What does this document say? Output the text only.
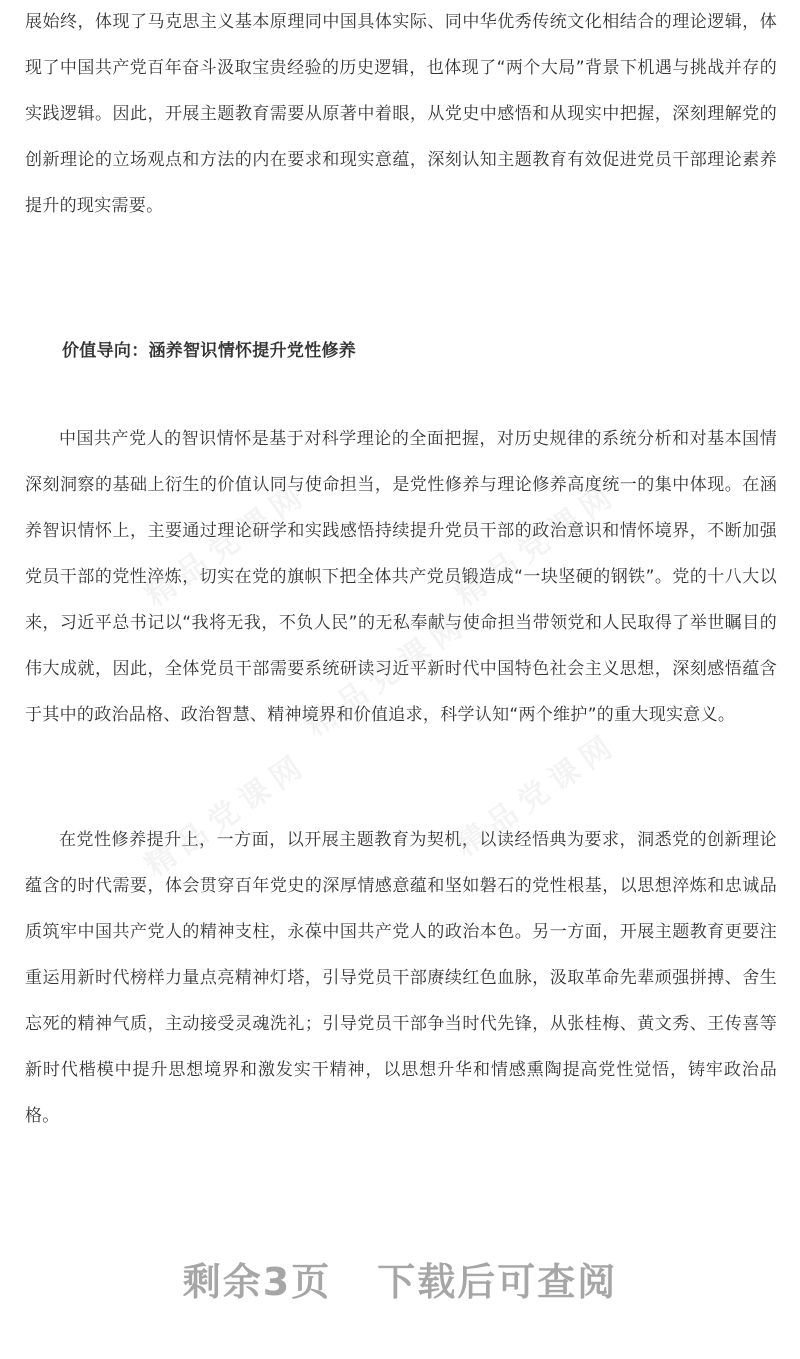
展始终，体现了马克思主义基本原理同中国具体实际、同中华优秀传统文化相结合的理论逻辑，体现了中国共产党百年奋斗汲取宝贵经验的历史逻辑，也体现了“两个大局”背景下机遇与挑战并存的实践逻辑。因此，开展主题教育需要从原著中着眼，从党史中感悟和从现实中把握，深刻理解党的创新理论的立场观点和方法的内在要求和现实意蕴，深刻认知主题教育有效促进党员干部理论素养提升的现实需要。

价值导向：涵养智识情怀提升党性修养

中国共产党人的智识情怀是基于对科学理论的全面把握，对历史规律的系统分析和对基本国情深刻洞察的基础上衍生的价值认同与使命担当，是党性修养与理论修养高度统一的集中体现。在涵养智识情怀上，主要通过理论研学和实践感悟持续提升党员干部的政治意识和情怀境界，不断加强党员干部的党性淬炼，切实在党的旗帜下把全体共产党员锻造成“一块坚硬的钢铁”。党的十八大以来，习近平总书记以“我将无我，不负人民”的无私奉献与使命担当带领党和人民取得了举世瞩目的伟大成就，因此，全体党员干部需要系统研读习近平新时代中国特色社会主义思想，深刻感悟蕴含于其中的政治品格、政治智慧、精神境界和价值追求，科学认知“两个维护”的重大现实意义。

在党性修养提升上，一方面，以开展主题教育为契机，以读经悟典为要求，洞悉党的创新理论蕴含的时代需要，体会贯穿百年党史的深厚情感意蕴和坚如磐石的党性根基，以思想淬炼和忠诚品质筑牢中国共产党人的精神支柱，永葆中国共产党人的政治本色。另一方面，开展主题教育更要注重运用新时代榜样力量点亮精神灯塔，引导党员干部赓续红色血脉，汲取革命先辈顽强拼搏、舍生忘死的精神气质，主动接受灵魂洗礼；引导党员干部争当时代先锋，从张桂梅、黄文秀、王传喜等新时代楷模中提升思想境界和激发实干精神，以思想升华和情感熏陶提高党性觉悟，铸牢政治品格。

精品党课网	精品党课网
精品党课网
精品党课网	精品党课网
剩余3页 下载后可查阅
